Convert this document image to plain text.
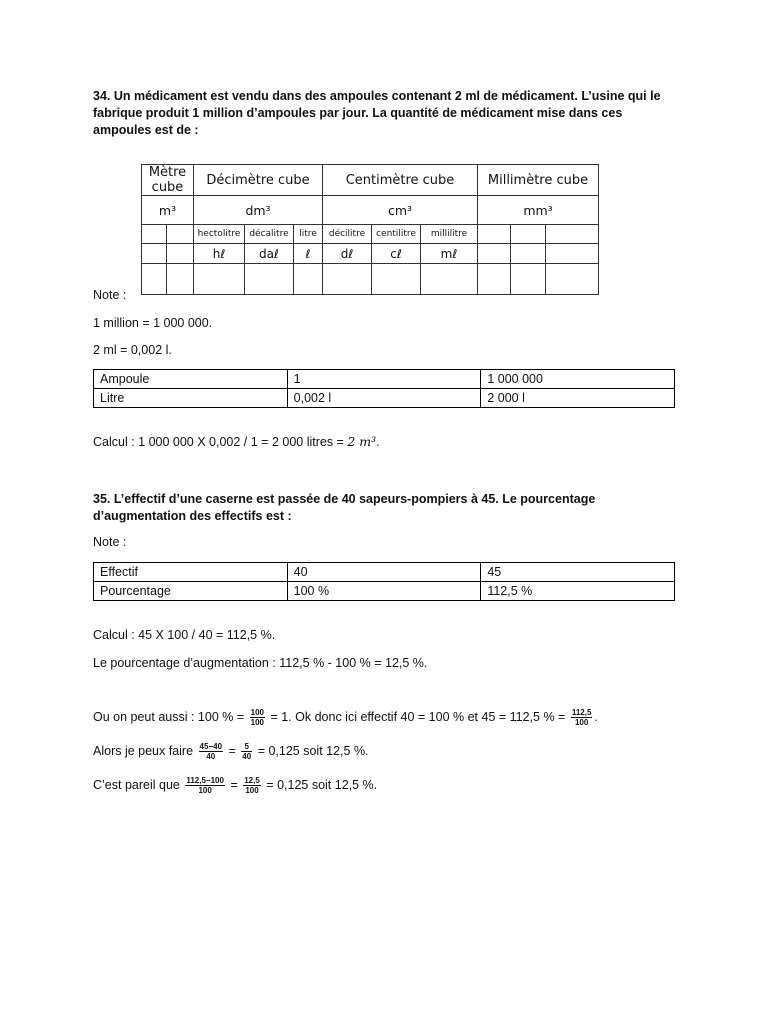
34. Un médicament est vendu dans des ampoules contenant 2 ml de médicament. L’usine qui le fabrique produit 1 million d’ampoules par jour. La quantité de médicament mise dans ces ampoules est de :
Mètre cube		Décimètre cube			Centimètre cube			Millimètre cube		
m³		dm³			cm³			mm³		
		hectolitre	décalitre	litre	décilitre	centilitre	millilitre			
		hℓ	daℓ	ℓ	dℓ	cℓ	mℓ			

Note :
1 million = 1 000 000.
2 ml = 0,002 l.
Ampoule	1	1 000 000
Litre	0,002 l	2 000 l
Calcul : 1 000 000 X 0,002 / 1 = 2 000 litres = 2 m³.
35. L’effectif d’une caserne est passée de 40 sapeurs-pompiers à 45. Le pourcentage d’augmentation des effectifs est :
Note :
Effectif	40	45
Pourcentage	100 %	112,5 %
Calcul : 45 X 100 / 40 = 112,5 %.
Le pourcentage d’augmentation : 112,5 % - 100 % = 12,5 %.
Ou on peut aussi : 100 % = $\frac{100}{100} = 1$. Ok donc ici effectif 40 = 100 % et 45 = 112,5 % = $\frac{112,5}{100}$ .
Alors je peux faire $\frac{45-40}{40} = \frac{5}{40} = 0,125$ soit 12,5 %.
C’est pareil que $\frac{112,5-100}{100} = \frac{12,5}{100} = 0,125$ soit 12,5 %.
